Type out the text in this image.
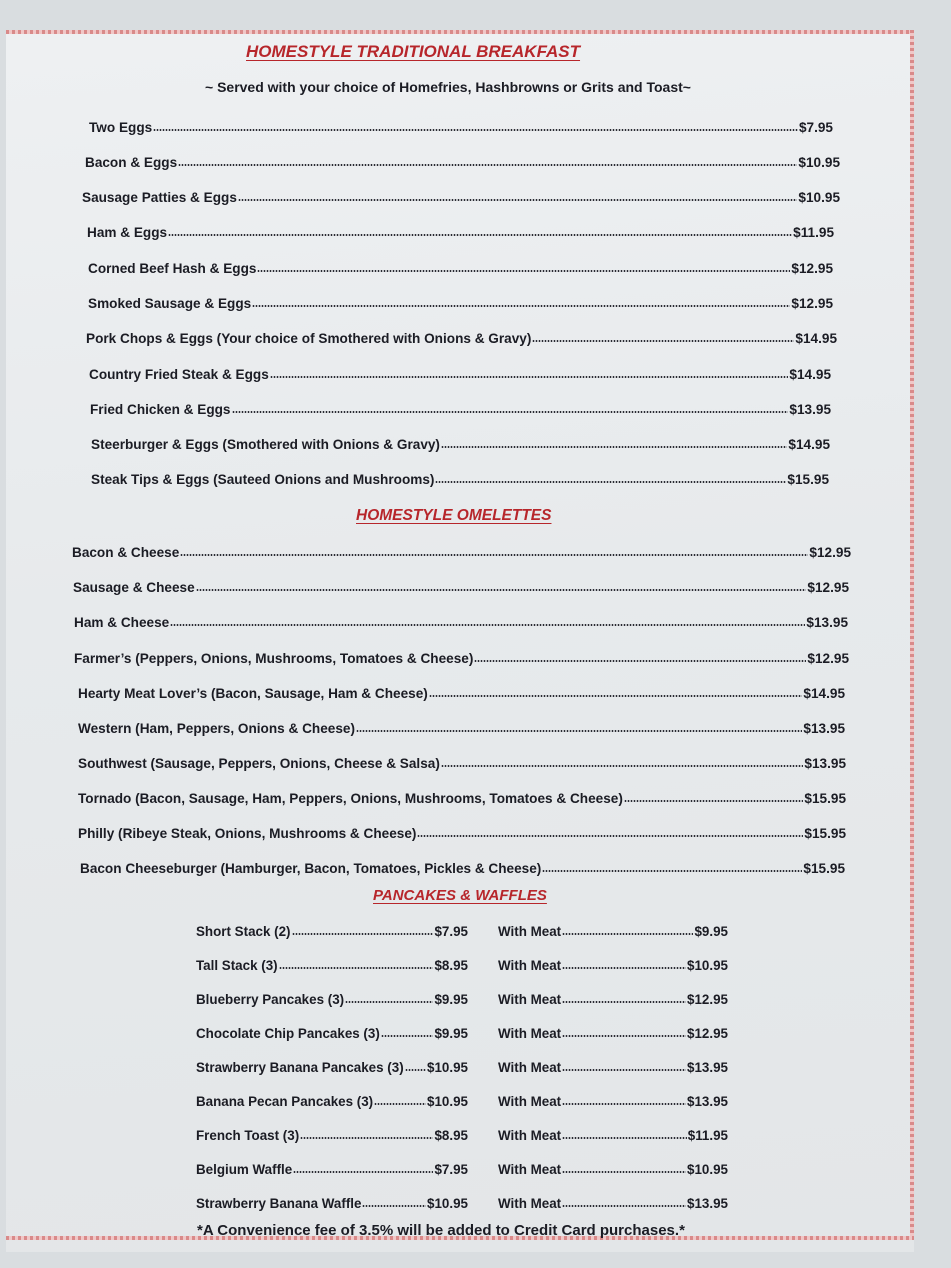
HOMESTYLE TRADITIONAL BREAKFAST
~ Served with your choice of Homefries, Hashbrowns or Grits and Toast~
Two Eggs	$7.95
Bacon & Eggs	$10.95
Sausage Patties & Eggs	$10.95
Ham & Eggs	$11.95
Corned Beef Hash & Eggs	$12.95
Smoked Sausage & Eggs	$12.95
Pork Chops & Eggs (Your choice of Smothered with Onions & Gravy)	$14.95
Country Fried Steak & Eggs	$14.95
Fried Chicken & Eggs	$13.95
Steerburger & Eggs (Smothered with Onions & Gravy)	$14.95
Steak Tips & Eggs (Sauteed Onions and Mushrooms)	$15.95
HOMESTYLE OMELETTES
Bacon & Cheese	$12.95
Sausage & Cheese	$12.95
Ham & Cheese	$13.95
Farmer’s (Peppers, Onions, Mushrooms, Tomatoes & Cheese)	$12.95
Hearty Meat Lover’s (Bacon, Sausage, Ham & Cheese)	$14.95
Western (Ham, Peppers, Onions & Cheese)	$13.95
Southwest (Sausage, Peppers, Onions, Cheese & Salsa)	$13.95
Tornado (Bacon, Sausage, Ham, Peppers, Onions, Mushrooms, Tomatoes & Cheese)	$15.95
Philly (Ribeye Steak, Onions, Mushrooms & Cheese)	$15.95
Bacon Cheeseburger (Hamburger, Bacon, Tomatoes, Pickles & Cheese)	$15.95
PANCAKES & WAFFLES
Short Stack (2)	$7.95 With Meat	$9.95
Tall Stack (3)	$8.95 With Meat	$10.95
Blueberry Pancakes (3)	$9.95 With Meat	$12.95
Chocolate Chip Pancakes (3)	$9.95 With Meat	$12.95
Strawberry Banana Pancakes (3) $10.95 With Meat	$13.95
Banana Pecan Pancakes (3)	$10.95 With Meat	$13.95
French Toast (3)	$8.95 With Meat	$11.95
Belgium Waffle	$7.95 With Meat	$10.95
Strawberry Banana Waffle	$10.95 With Meat	$13.95
*A Convenience fee of 3.5% will be added to Credit Card purchases.*
